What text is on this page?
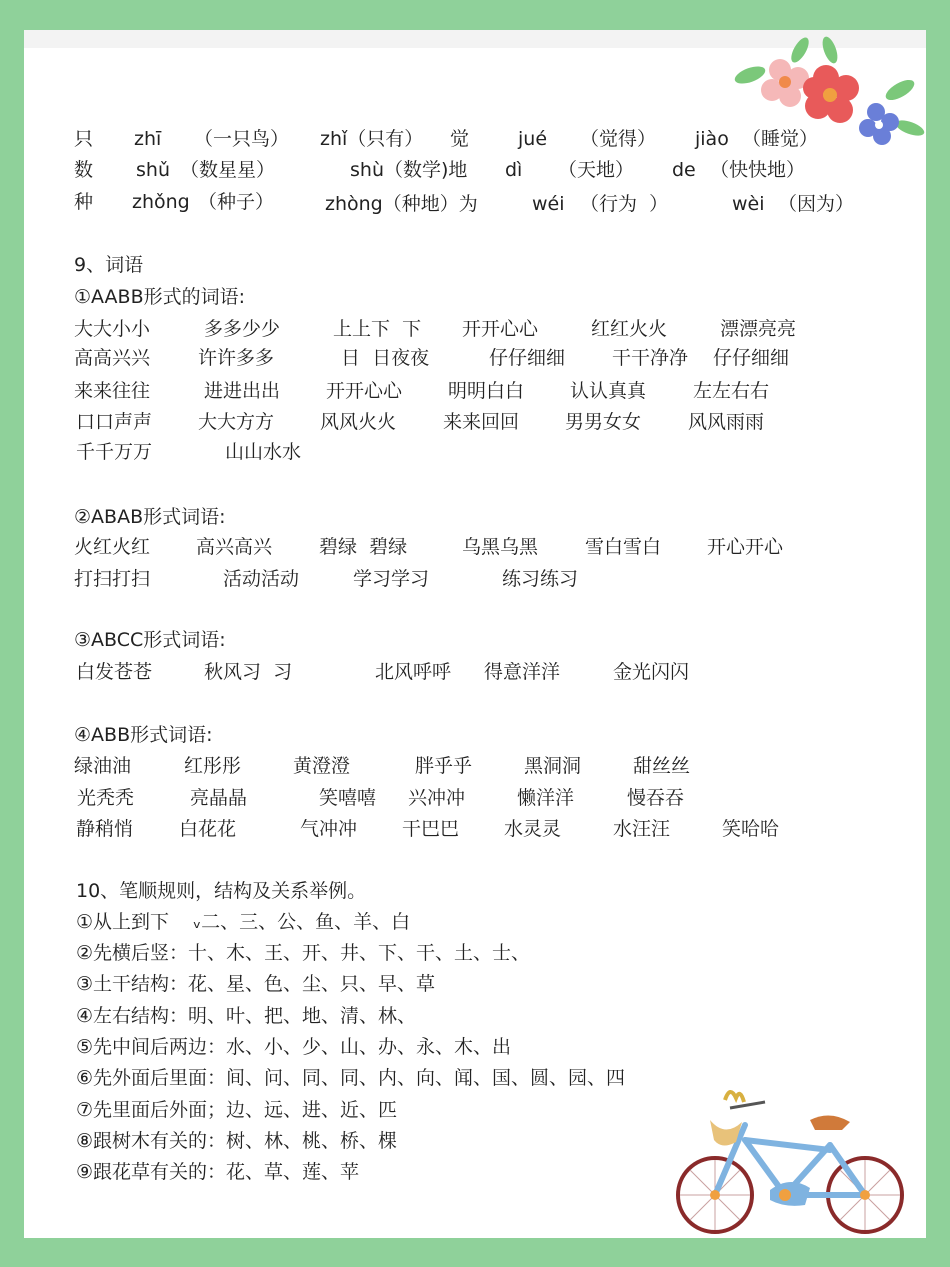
只 zhī （一只鸟） zhǐ（只有） 觉	jué （觉得） jiào （睡觉）
数 shǔ （数星星）	shù（数学)地 dì （天地） de （快快地）
种 zhǒng （种子）	zhòng（种地）为	wéi （行为  ）	wèi （因为）
9、词语
①AABB形式的词语:
大大小小	多多少少	上上下  下 开开心心	红红火火	漂漂亮亮
高高兴兴	许许多多	日  日夜夜	仔仔细细 干干净净 仔仔细细
来来往往	进进出出 开开心心 明明白白 认认真真 左左右右
口口声声 大大方方 风风火火 来来回回 男男女女 风风雨雨
千千万万	山山水水
②ABAB形式词语:
火红火红 高兴高兴 碧绿  碧绿	乌黑乌黑 雪白雪白 开心开心
打扫打扫	活动活动	学习学习	练习练习
③ABCC形式词语:
白发苍苍	秋风习  习	北风呼呼 得意洋洋	金光闪闪
④ABB形式词语:
绿油油	红彤彤	黄澄澄	胖乎乎	黑洞洞	甜丝丝
光秃秃	亮晶晶	笑嘻嘻 兴冲冲	懒洋洋	慢吞吞
静稍悄 白花花	气冲冲 干巴巴 水灵灵	水汪汪	笑哈哈
10、笔顺规则，结构及关系举例。
①从上到下    ᵥ二、三、公、鱼、羊、白
②先横后竖：十、木、王、开、井、下、干、土、士、
③土干结构：花、星、色、尘、只、早、草
④左右结构：明、叶、把、地、清、林、
⑤先中间后两边：水、小、少、山、办、永、木、出
⑥先外面后里面：间、问、同、同、内、向、闻、国、圆、园、四
⑦先里面后外面；边、远、进、近、匹
⑧跟树木有关的：树、林、桃、桥、棵
⑨跟花草有关的：花、草、莲、苹
